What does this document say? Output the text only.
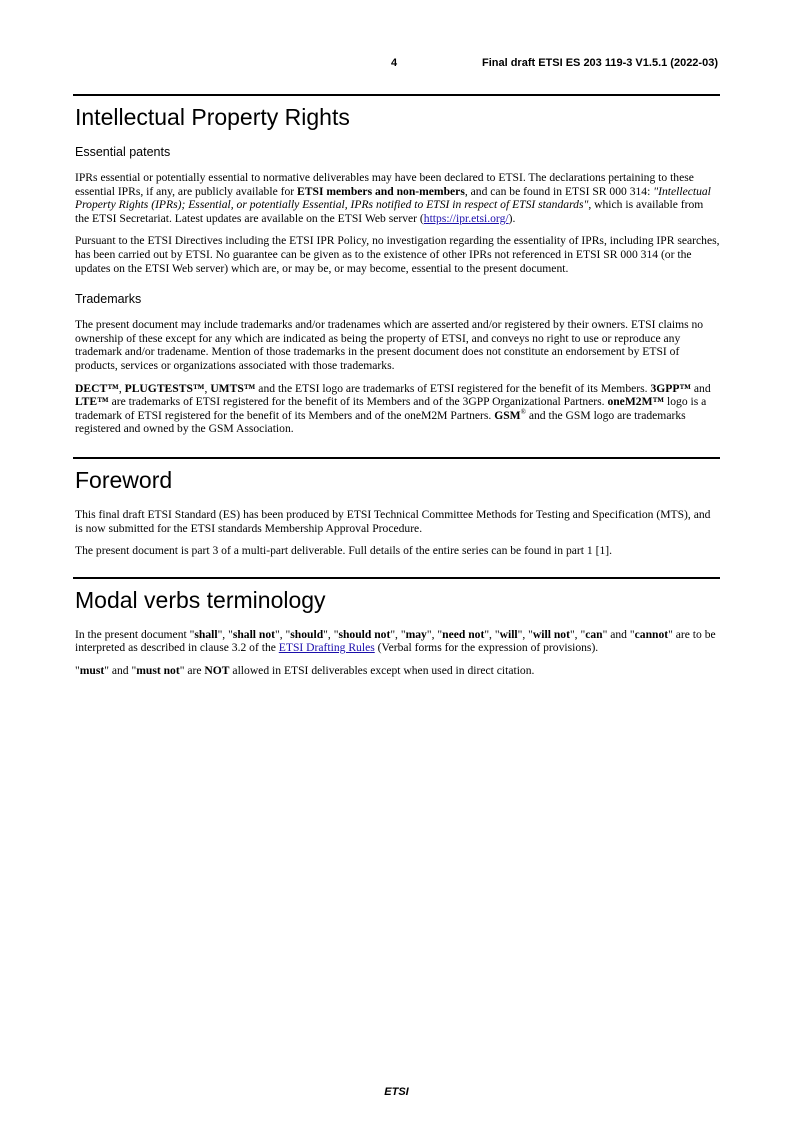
4	Final draft ETSI ES 203 119-3 V1.5.1 (2022-03)
Intellectual Property Rights
Essential patents

IPRs essential or potentially essential to normative deliverables may have been declared to ETSI. The declarations pertaining to these essential IPRs, if any, are publicly available for ETSI members and non-members, and can be found in ETSI SR 000 314: "Intellectual Property Rights (IPRs); Essential, or potentially Essential, IPRs notified to ETSI in respect of ETSI standards", which is available from the ETSI Secretariat. Latest updates are available on the ETSI Web server (https://ipr.etsi.org/).

Pursuant to the ETSI Directives including the ETSI IPR Policy, no investigation regarding the essentiality of IPRs, including IPR searches, has been carried out by ETSI. No guarantee can be given as to the existence of other IPRs not referenced in ETSI SR 000 314 (or the updates on the ETSI Web server) which are, or may be, or may become, essential to the present document.

Trademarks

The present document may include trademarks and/or tradenames which are asserted and/or registered by their owners. ETSI claims no ownership of these except for any which are indicated as being the property of ETSI, and conveys no right to use or reproduce any trademark and/or tradename. Mention of those trademarks in the present document does not constitute an endorsement by ETSI of products, services or organizations associated with those trademarks.

DECT™, PLUGTESTS™, UMTS™ and the ETSI logo are trademarks of ETSI registered for the benefit of its Members. 3GPP™ and LTE™ are trademarks of ETSI registered for the benefit of its Members and of the 3GPP Organizational Partners. oneM2M™ logo is a trademark of ETSI registered for the benefit of its Members and of the oneM2M Partners. GSM® and the GSM logo are trademarks registered and owned by the GSM Association.

Foreword

This final draft ETSI Standard (ES) has been produced by ETSI Technical Committee Methods for Testing and Specification (MTS), and is now submitted for the ETSI standards Membership Approval Procedure.

The present document is part 3 of a multi-part deliverable. Full details of the entire series can be found in part 1 [1].

Modal verbs terminology

In the present document "shall", "shall not", "should", "should not", "may", "need not", "will", "will not", "can" and "cannot" are to be interpreted as described in clause 3.2 of the ETSI Drafting Rules (Verbal forms for the expression of provisions).

"must" and "must not" are NOT allowed in ETSI deliverables except when used in direct citation.

ETSI
